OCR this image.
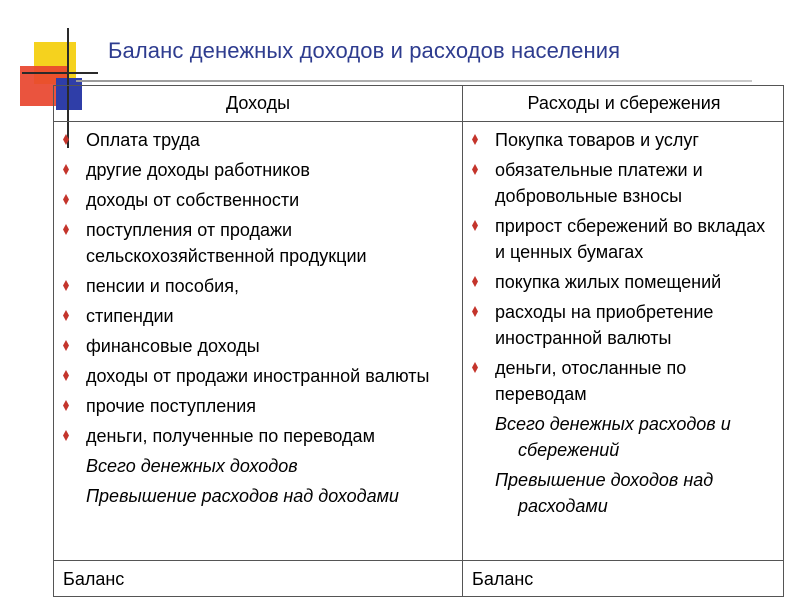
Баланс денежных доходов и расходов населения
Доходы	Расходы и сбережения
Оплата труда
другие доходы работников
доходы от собственности
поступления от продажи сельскохозяйственной продукции
пенсии и пособия,
стипендии
финансовые доходы
доходы от продажи иностранной валюты
прочие поступления
деньги, полученные по переводам
Всего денежных доходов
Превышение расходов над доходами
Покупка товаров и услуг
обязательные платежи и добровольные взносы
прирост сбережений во вкладах и ценных бумагах
покупка жилых помещений
расходы на приобретение иностранной валюты
деньги, отосланные по переводам
Всего денежных расходов и
сбережений
Превышение доходов над
расходами
Баланс	Баланс
